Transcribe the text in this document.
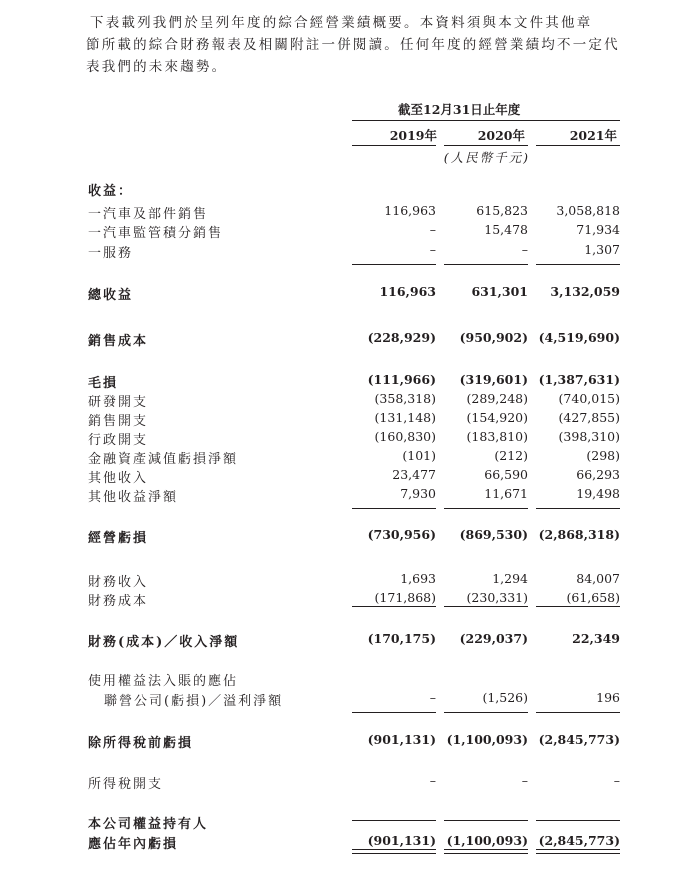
下表載列我們於呈列年度的綜合經營業績概要。本資料須與本文件其他章
節所載的綜合財務報表及相關附註一併閱讀。任何年度的經營業績均不一定代
表我們的未來趨勢。
截至12月31日止年度
2019年	2020年	2021年
(人民幣千元)
收益：
一汽車及部件銷售	116,963	615,823	3,058,818
一汽車監管積分銷售	–	15,478	71,934
一服務	–	–	1,307
總收益	116,963	631,301	3,132,059
銷售成本	(228,929)	(950,902) (4,519,690)
毛損	(111,966)	(319,601) (1,387,631)
研發開支	(358,318)	(289,248)	(740,015)
銷售開支	(131,148)	(154,920)	(427,855)
行政開支	(160,830)	(183,810)	(398,310)
金融資產減值虧損淨額	(101)	(212)	(298)
其他收入	23,477	66,590	66,293
其他收益淨額	7,930	11,671	19,498
經營虧損	(730,956)	(869,530) (2,868,318)
財務收入	1,693	1,294	84,007
財務成本	(171,868)	(230,331)	(61,658)
財務(成本)／收入淨額	(170,175)	(229,037)	22,349
使用權益法入賬的應佔
聯營公司(虧損)／溢利淨額	–	(1,526)	196
除所得稅前虧損	(901,131) (1,100,093) (2,845,773)
所得稅開支	–	–	–
本公司權益持有人
應佔年內虧損	(901,131) (1,100,093) (2,845,773)
